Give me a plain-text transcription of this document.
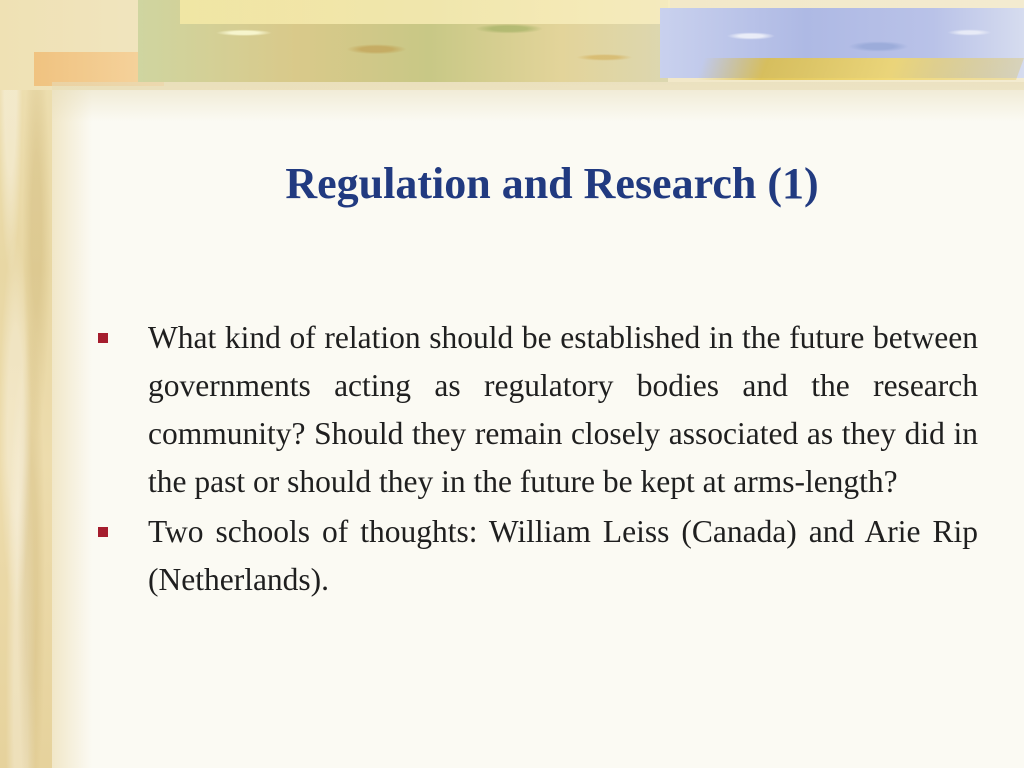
Regulation and Research (1)
What kind of relation should be established in the future between governments acting as regulatory bodies and the research community? Should they remain closely associated as they did in the past or should they in the future be kept at arms-length?
Two schools of thoughts: William Leiss (Canada) and Arie Rip (Netherlands).
